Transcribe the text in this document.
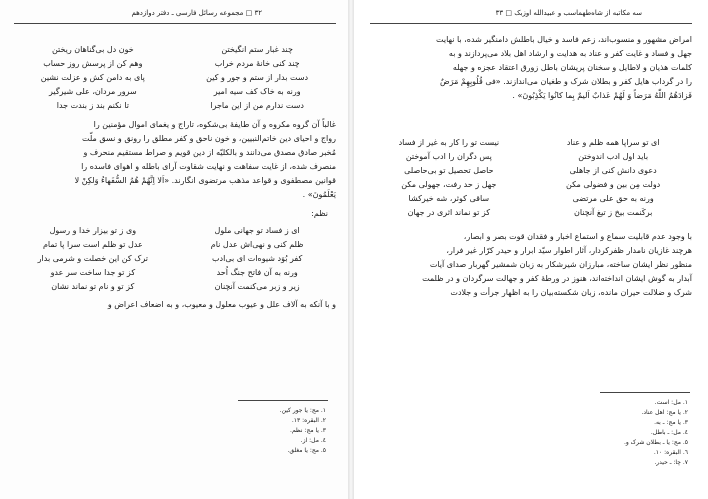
٣٢ □ مجموعه رسائل فارسی ـ دفتر دوازدهم
چند غبار ستم انگیختن
خون دل بی‌گناهان ریختن
چند کنی خانهٔ مردم خراب
وهم کن از پرسش روز حساب
دست بدار از ستم و جور و کین
پای به دامن کش و عزلت نشین
ورنه به خاک کف سیه امیر
سرور مردان، علی شیرگیر
دست ندارم من از این ماجرا
تا نکنم بند ز بندت جدا

غالباً آن گروه مکروه و آن طایفهٔ بی‌شکوه، تاراج و یغمای اموال مؤمنین را

رواج و احیای دین خاتم‌النبیین، و خون ناحق و کفر مطلق را رونق و نسق ملّت

مُخبر صادق مصدق می‌دانند و بالکلیّه از دین قویم و صراط مستقیم منحرف و

منصرف شده، از غایت سفاهت و نهایت شقاوت آرای باطله و اهوای فاسده را

قوانین مصطفوی و قواعد مذهب مرتضوی انگارند. «اَلا اِنَّهُمْ هُمُ السُّفَهاءُ وَلکِنْ لا

یَعْلَمُونَ» .

نظم:
ای ز فساد تو جهانی ملول
وی ز تو بیزار خدا و رسول
ظلم کنی و نهی‌اش عدل نام
عدل تو ظلم است سرا پا تمام
کفر بُوَد شیوه‌ات ای بی‌ادب
ترک کن این خصلت و شرمی بدار
ورنه به آن فاتح جنگ اُحد
کز تو جدا ساخت سر عدو
زیر و زبر می‌کنمت آنچنان
کز تو و نام تو نماند نشان

و با آنکه به آلاف علل و عیوب معلول و معیوب، و به اضعاف اعراض و

١. مج: یا جور کین.
٢. البقره: ١٣.
٣. یا مج: نظم.
٤. مل: از.
٥. مج: یا مغلق.
سه مکاتبه از شاه‌طهماسب و عبیدالله اوزبک □ ٣٣

امراض مشهور و منسوب‌اند، زعم فاسد و خیال باطلش دامنگیر شده، با نهایت

جهل و فساد و غایت کفر و عناد به هدایت و ارشاد اهل بلاد می‌پردازند و به

کلمات هذیان و لاطایل و سخنان پریشان باطل زورق اعتقاد عجزه و جهله

را در گرداب هایل کفر و بطلان شرک و طغیان می‌اندازند. «فی قُلُوبِهِمْ مَرَضٌ

فَزادَهُمُ اللّٰهُ مَرَضاً وَ لَهُمْ عَذابٌ اَلیمٌ بِما کانُوا یَکْذِبُونَ» .

ای تو سراپا همه ظلم و عناد
نیست تو را کار به غیر از فساد
باید اول ادب اندوختن
پس دگران را ادب آموختن
دعوی دانش کنی از جاهلی
حاصل تحصیل تو بی‌حاصلی
دولت مِن بین و فضولی مکن
جهل ز حد رفت، جهولی مکن
ورنه به حق علی مرتضی
ساقی کوثر، شه خیرکشا
برکَنمت بیخ ز تیغ آنچنان
کز تو نماند اثری در جهان

با وجود عدم قابلیت سماع و استماع اخبار و فقدان قوت بصر و ابصار،

هرچند غازیان نامدار ظفرکردار، آثار اطوار سیّد ابرار و حیدر کرّار غیر فرار،

منظور نظر ایشان ساخته، مبارزان شیرشکار به زبان شمشیر گهربار صدای آیات

آبدار به گوش ایشان انداخته‌اند، هنوز در ورطهٔ کفر و جهالت سرگردان و در ظلمت

شرک و ضلالت حیران مانده، زبان شکسته‌بیان را به اظهار جرأت و جلادت

١. مل: است.
٢. یا مج: اهل عناد.
٣. یا مج: ـ به.
٤. مل: ـ باطل.
٥. مج: یا ـ بطلان شرک و.
٦. البقره: ١٠.
٧. چا: ـ حیدر.
